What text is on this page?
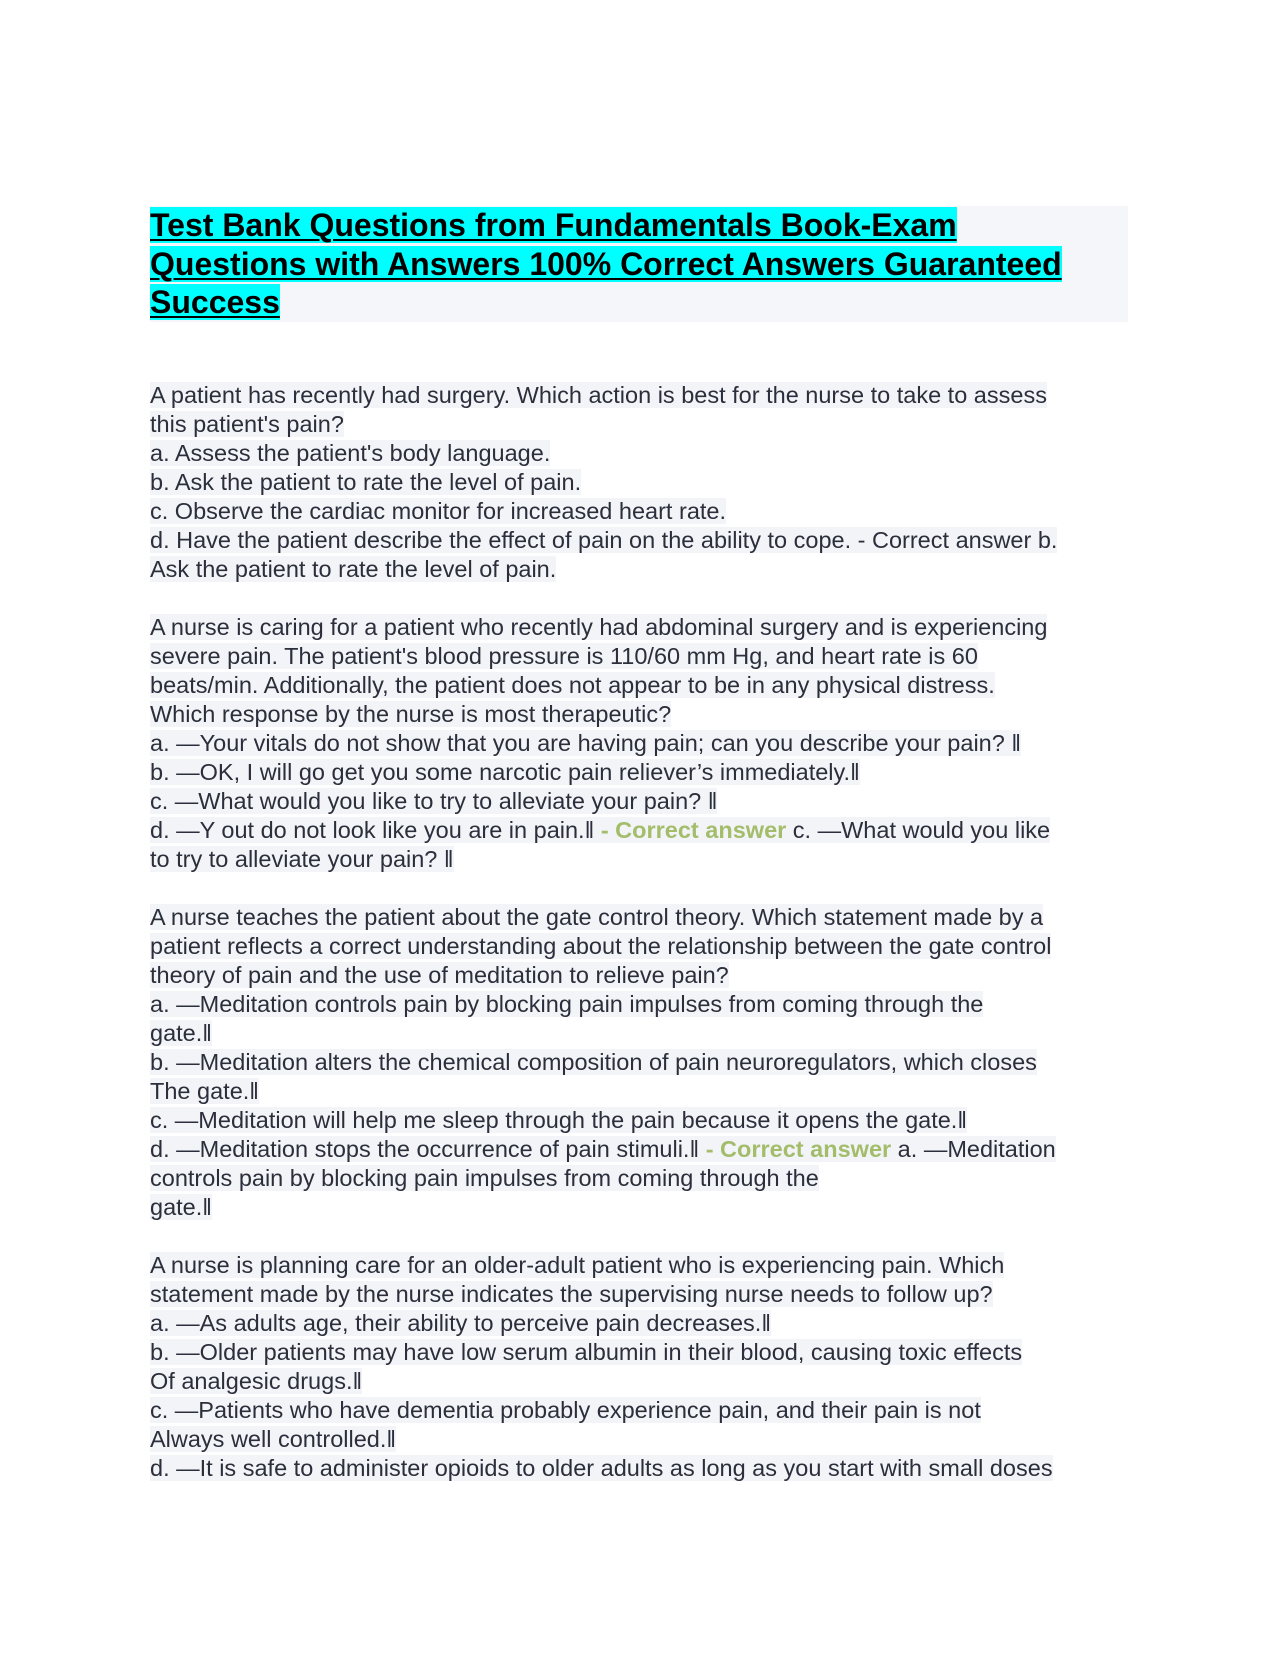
Test Bank Questions from Fundamentals Book-Exam
Questions with Answers 100% Correct Answers Guaranteed
Success
A patient has recently had surgery. Which action is best for the nurse to take to assess
this patient's pain?
a. Assess the patient's body language.
b. Ask the patient to rate the level of pain.
c. Observe the cardiac monitor for increased heart rate.
d. Have the patient describe the effect of pain on the ability to cope. - Correct answer b.
Ask the patient to rate the level of pain.
A nurse is caring for a patient who recently had abdominal surgery and is experiencing
severe pain. The patient's blood pressure is 110/60 mm Hg, and heart rate is 60
beats/min. Additionally, the patient does not appear to be in any physical distress.
Which response by the nurse is most therapeutic?
a. —Your vitals do not show that you are having pain; can you describe your pain? ‖
b. —OK, I will go get you some narcotic pain reliever’s immediately.‖
c. —What would you like to try to alleviate your pain? ‖
d. —Y out do not look like you are in pain.‖ - Correct answer c. —What would you like
to try to alleviate your pain? ‖
A nurse teaches the patient about the gate control theory. Which statement made by a
patient reflects a correct understanding about the relationship between the gate control
theory of pain and the use of meditation to relieve pain?
a. —Meditation controls pain by blocking pain impulses from coming through the
gate.‖
b. —Meditation alters the chemical composition of pain neuroregulators, which closes
The gate.‖
c. —Meditation will help me sleep through the pain because it opens the gate.‖
d. —Meditation stops the occurrence of pain stimuli.‖ - Correct answer a. —Meditation
controls pain by blocking pain impulses from coming through the
gate.‖
A nurse is planning care for an older-adult patient who is experiencing pain. Which
statement made by the nurse indicates the supervising nurse needs to follow up?
a. —As adults age, their ability to perceive pain decreases.‖
b. —Older patients may have low serum albumin in their blood, causing toxic effects
Of analgesic drugs.‖
c. —Patients who have dementia probably experience pain, and their pain is not
Always well controlled.‖
d. —It is safe to administer opioids to older adults as long as you start with small doses
